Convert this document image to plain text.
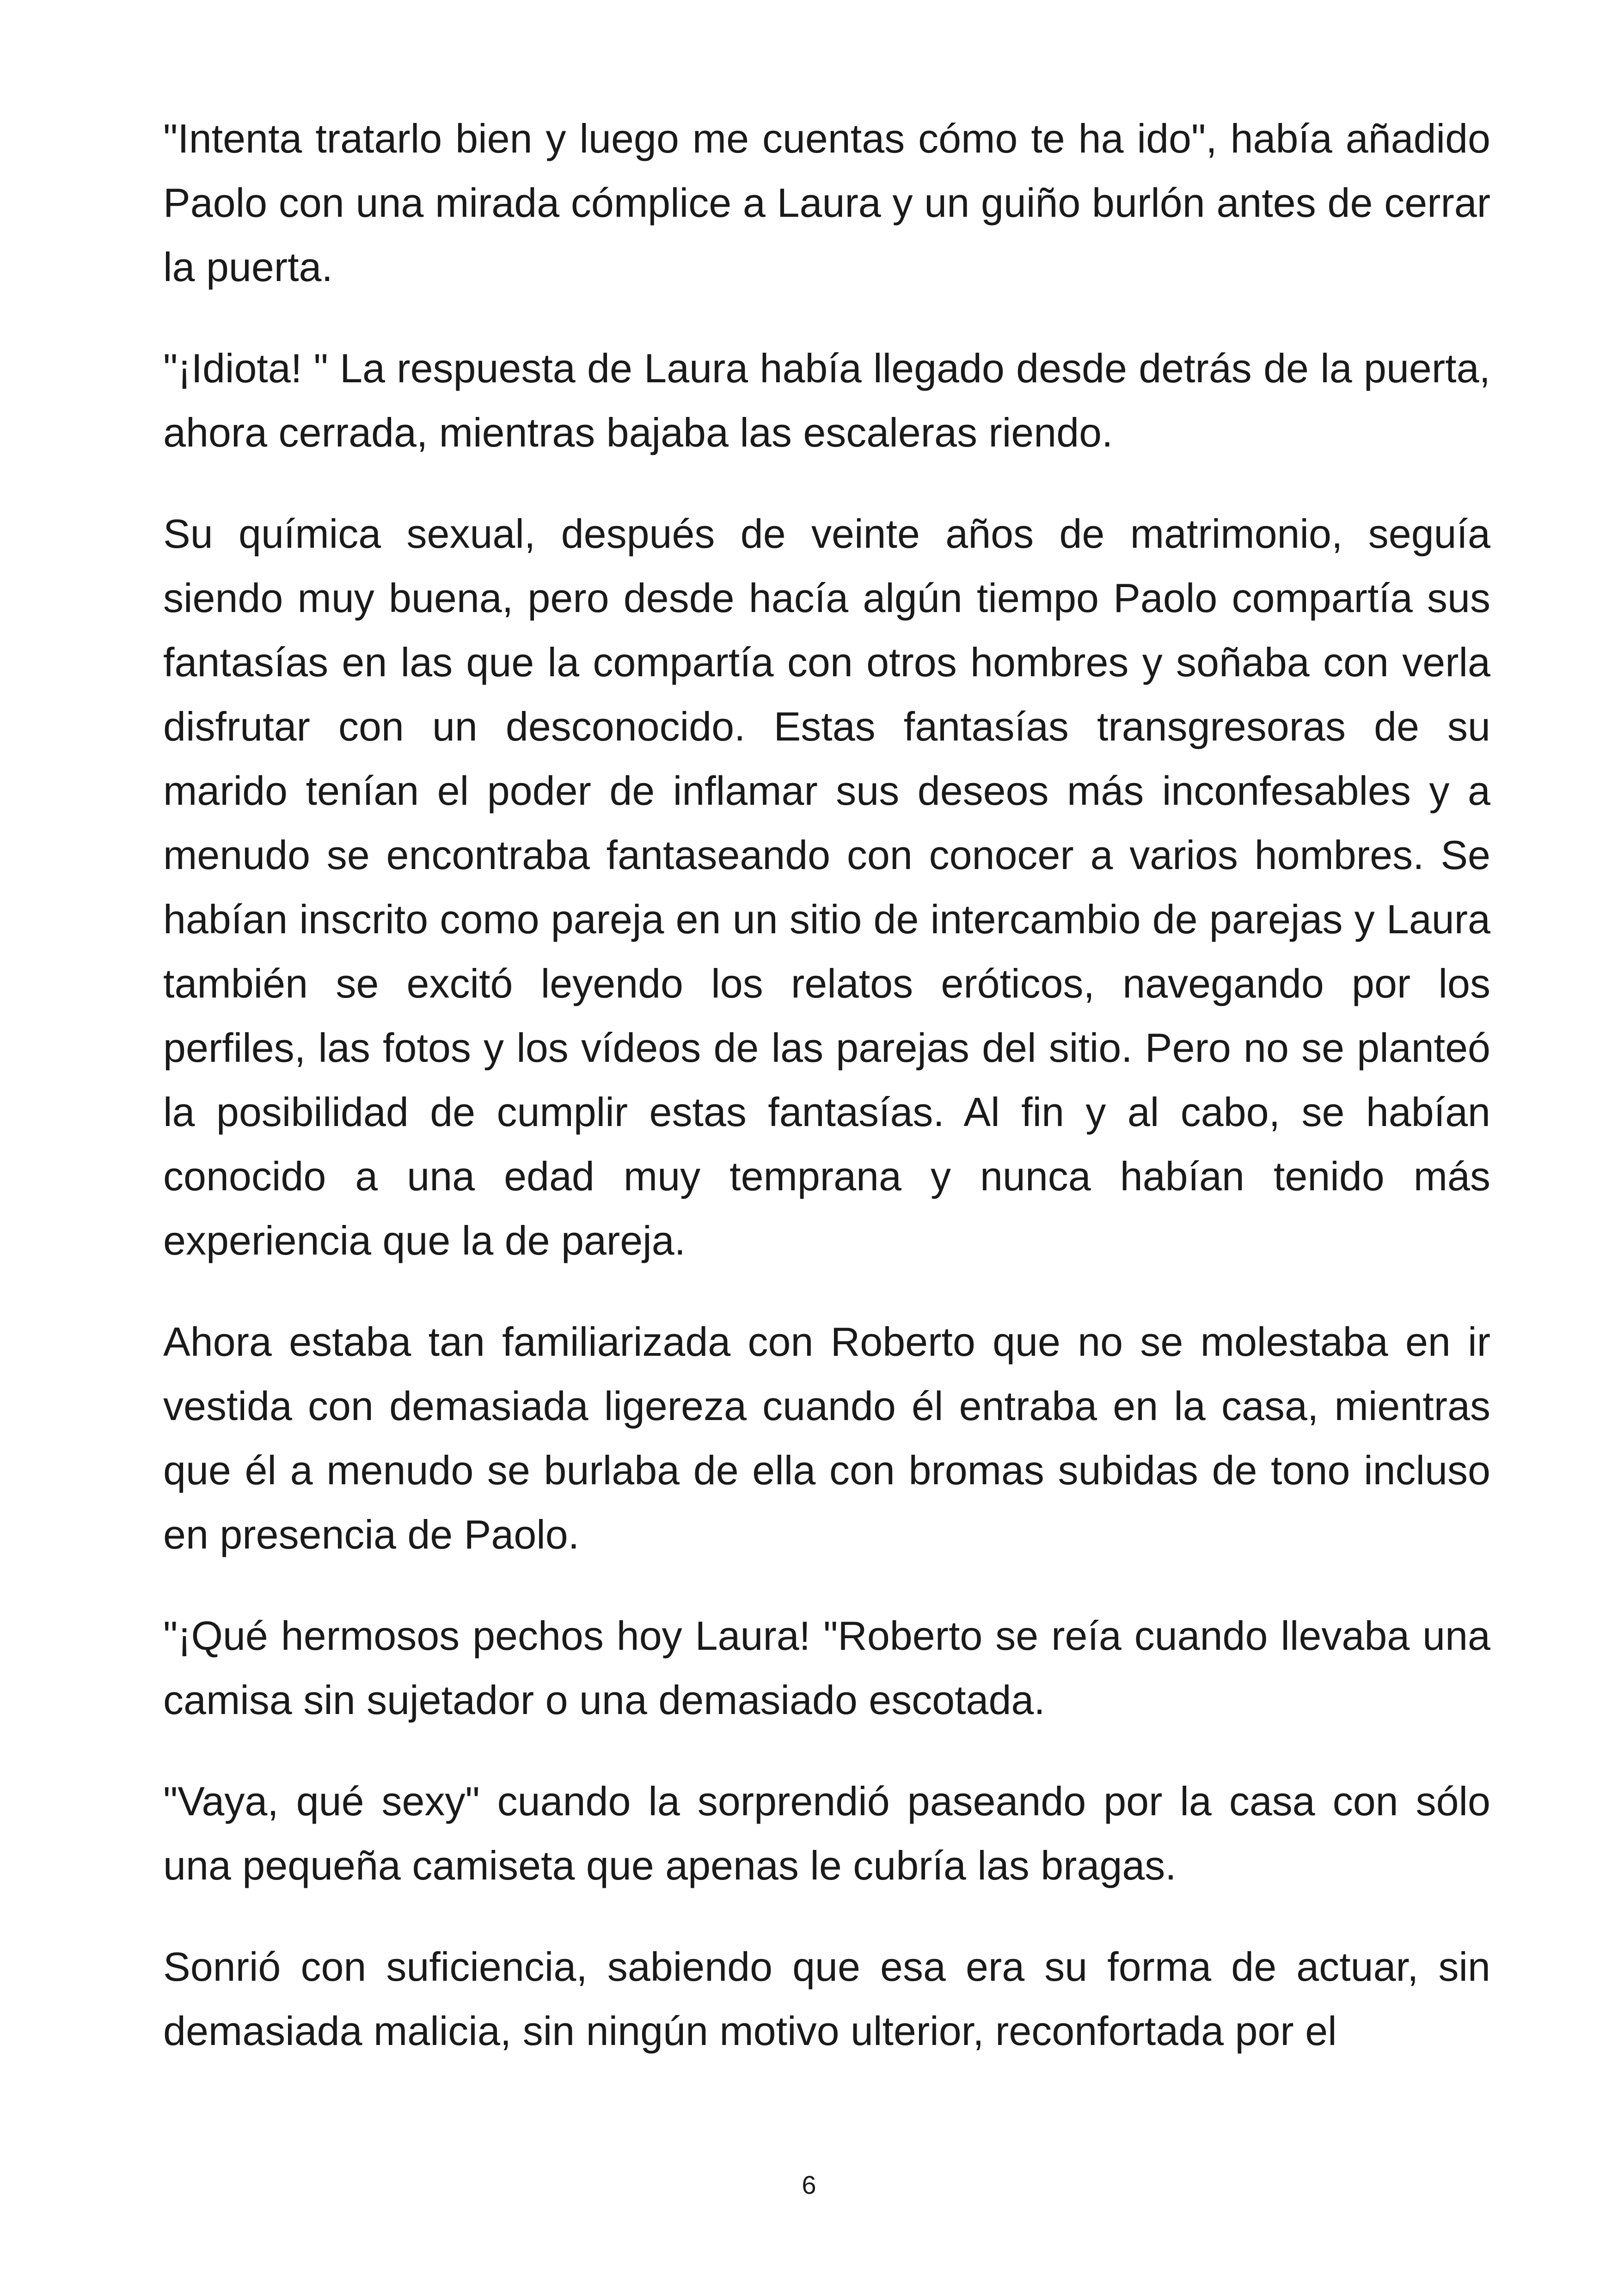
"Intenta tratarlo bien y luego me cuentas cómo te ha ido", había añadido Paolo con una mirada cómplice a Laura y un guiño burlón antes de cerrar la puerta.

"¡Idiota! " La respuesta de Laura había llegado desde detrás de la puerta, ahora cerrada, mientras bajaba las escaleras riendo.

Su química sexual, después de veinte años de matrimonio, seguía siendo muy buena, pero desde hacía algún tiempo Paolo compartía sus fantasías en las que la compartía con otros hombres y soñaba con verla disfrutar con un desconocido. Estas fantasías transgresoras de su marido tenían el poder de inflamar sus deseos más inconfesables y a menudo se encontraba fantaseando con conocer a varios hombres. Se habían inscrito como pareja en un sitio de intercambio de parejas y Laura también se excitó leyendo los relatos eróticos, navegando por los perfiles, las fotos y los vídeos de las parejas del sitio. Pero no se planteó la posibilidad de cumplir estas fantasías. Al fin y al cabo, se habían conocido a una edad muy temprana y nunca habían tenido más experiencia que la de pareja.

Ahora estaba tan familiarizada con Roberto que no se molestaba en ir vestida con demasiada ligereza cuando él entraba en la casa, mientras que él a menudo se burlaba de ella con bromas subidas de tono incluso en presencia de Paolo.

"¡Qué hermosos pechos hoy Laura! "Roberto se reía cuando llevaba una camisa sin sujetador o una demasiado escotada.

"Vaya, qué sexy" cuando la sorprendió paseando por la casa con sólo una pequeña camiseta que apenas le cubría las bragas.

Sonrió con suficiencia, sabiendo que esa era su forma de actuar, sin demasiada malicia, sin ningún motivo ulterior, reconfortada por el

6
